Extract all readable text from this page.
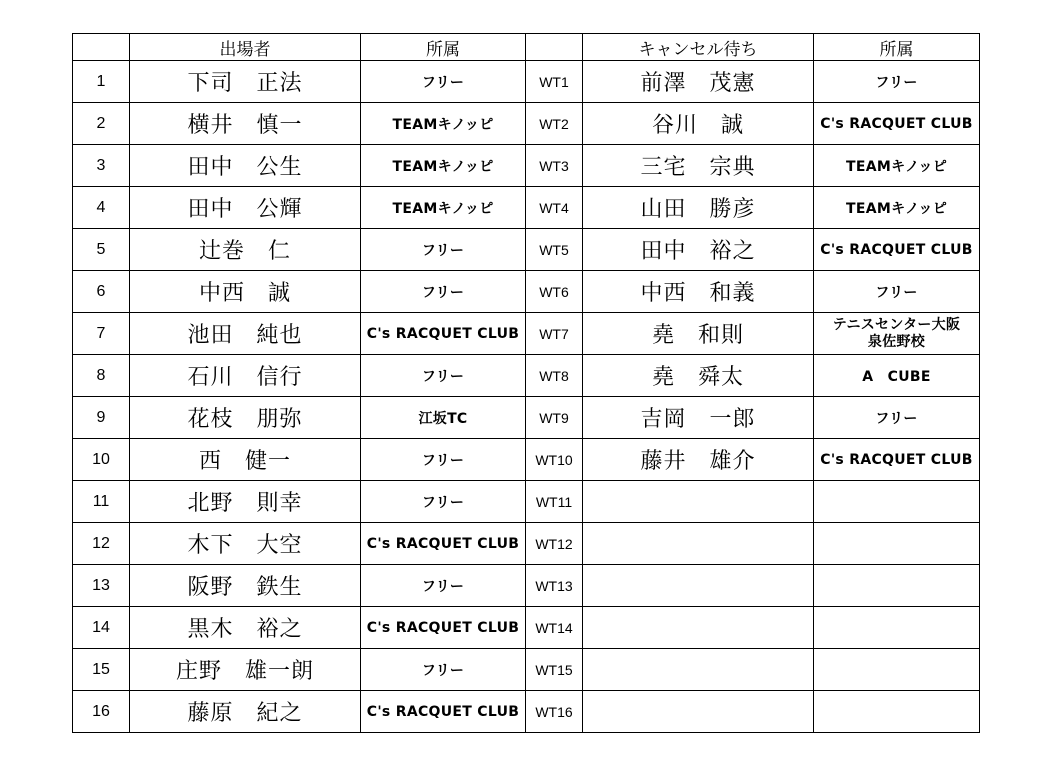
	出場者	所属		キャンセル待ち	所属
1	下司　正法	フリー	WT1	前澤　茂憲	フリー
2	横井　慎一	TEAMキノッピ	WT2	谷川　誠	C's RACQUET CLUB
3	田中　公生	TEAMキノッピ	WT3	三宅　宗典	TEAMキノッピ
4	田中　公輝	TEAMキノッピ	WT4	山田　勝彦	TEAMキノッピ
5	辻巻　仁	フリー	WT5	田中　裕之	C's RACQUET CLUB
6	中西　誠	フリー	WT6	中西　和義	フリー
7	池田　純也	C's RACQUET CLUB	WT7	堯　和則	テニスセンター大阪
泉佐野校
8	石川　信行	フリー	WT8	堯　舜太	A　CUBE
9	花枝　朋弥	江坂TC	WT9	吉岡　一郎	フリー
10	西　健一	フリー	WT10	藤井　雄介	C's RACQUET CLUB
11	北野　則幸	フリー	WT11		
12	木下　大空	C's RACQUET CLUB	WT12		
13	阪野　鉄生	フリー	WT13		
14	黒木　裕之	C's RACQUET CLUB	WT14		
15	庄野　雄一朗	フリー	WT15		
16	藤原　紀之	C's RACQUET CLUB	WT16		
